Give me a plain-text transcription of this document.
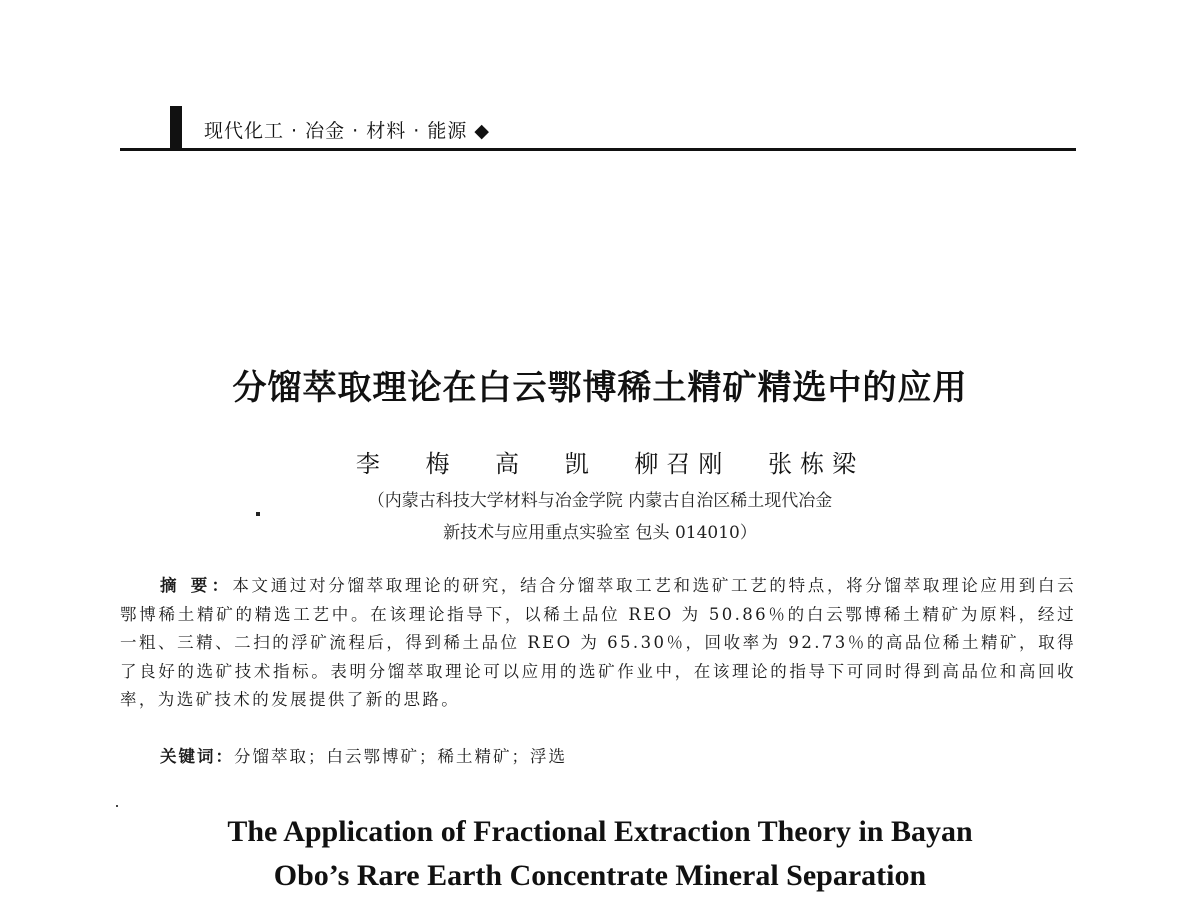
现代化工 · 冶金 · 材料 · 能源 ◆
分馏萃取理论在白云鄂博稀土精矿精选中的应用
李 梅 高 凯 柳召刚 张栋梁
（内蒙古科技大学材料与冶金学院 内蒙古自治区稀土现代冶金
新技术与应用重点实验室 包头 014010）
摘 要：本文通过对分馏萃取理论的研究，结合分馏萃取工艺和选矿工艺的特点，将分馏萃取理论应用到白云鄂博稀土精矿的精选工艺中。在该理论指导下，以稀土品位 REO 为 50.86％的白云鄂博稀土精矿为原料，经过一粗、三精、二扫的浮矿流程后，得到稀土品位 REO 为 65.30％，回收率为 92.73％的高品位稀土精矿，取得了良好的选矿技术指标。表明分馏萃取理论可以应用的选矿作业中，在该理论的指导下可同时得到高品位和高回收率，为选矿技术的发展提供了新的思路。
关键词：分馏萃取；白云鄂博矿；稀土精矿；浮选
The Application of Fractional Extraction Theory in Bayan
Obo’s Rare Earth Concentrate Mineral Separation
